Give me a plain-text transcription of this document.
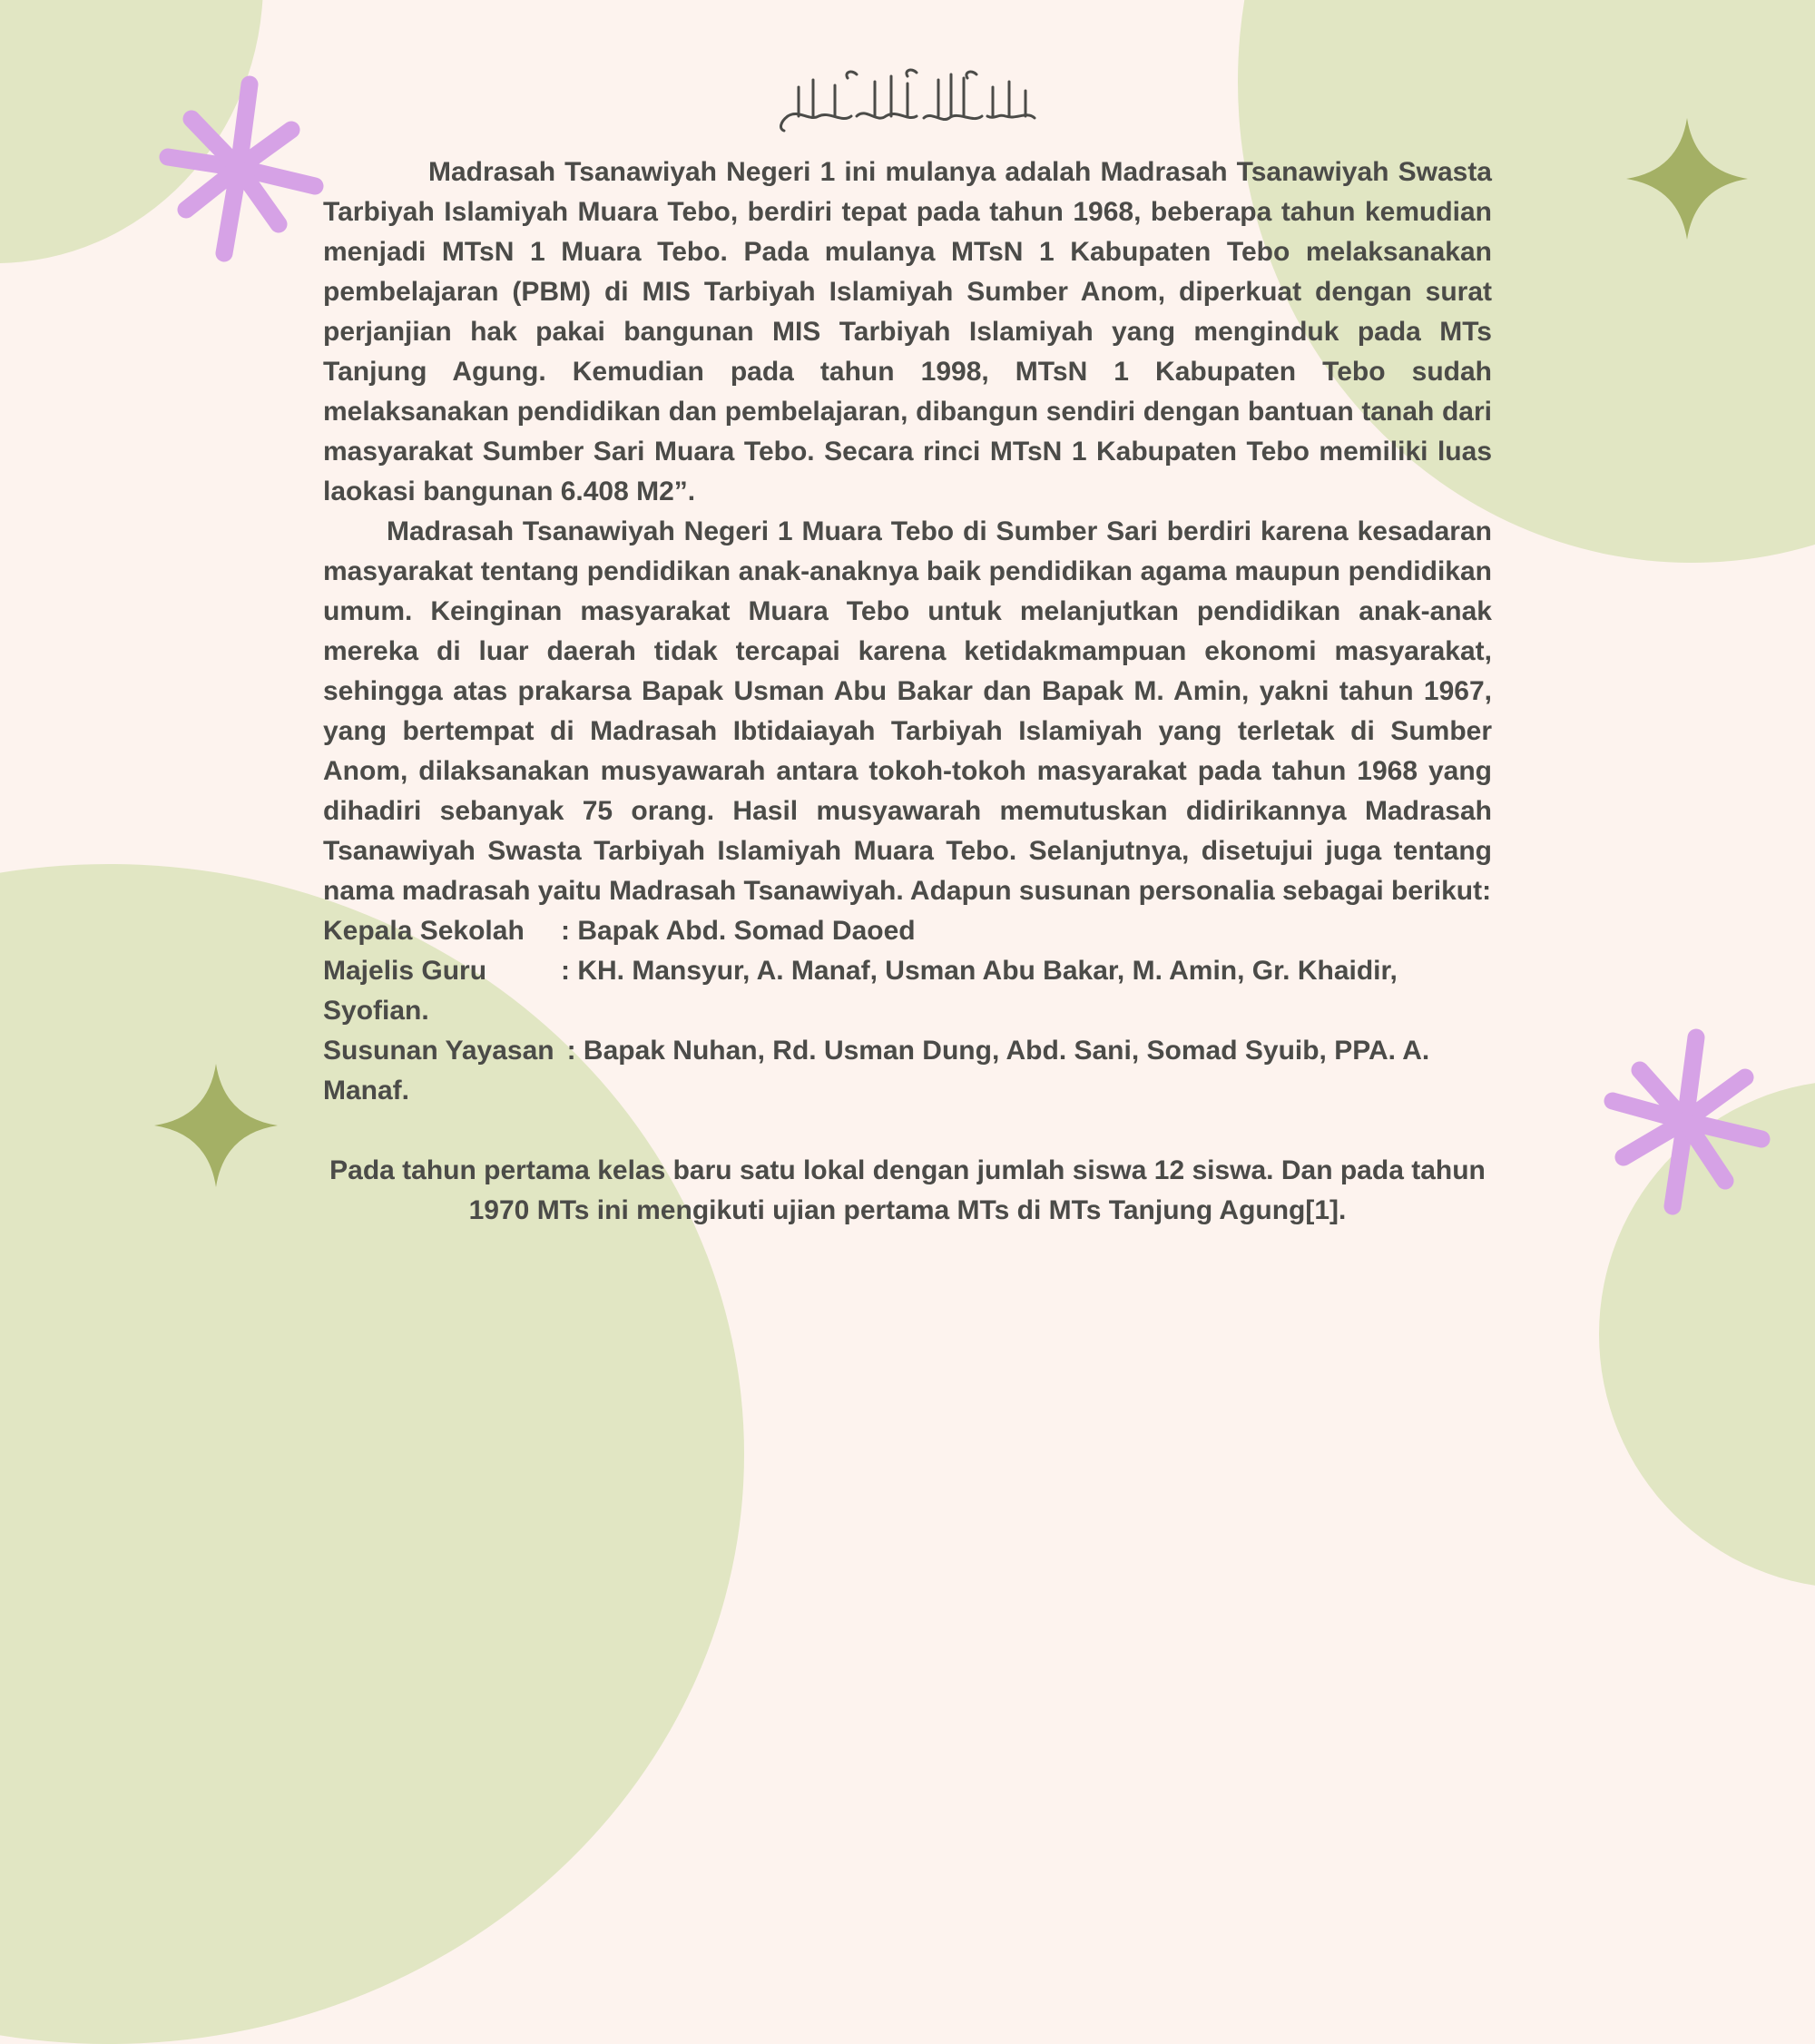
Madrasah Tsanawiyah Negeri 1 ini mulanya adalah Madrasah Tsanawiyah Swasta Tarbiyah Islamiyah Muara Tebo, berdiri tepat pada tahun 1968, beberapa tahun kemudian menjadi MTsN 1 Muara Tebo. Pada mulanya MTsN 1 Kabupaten Tebo melaksanakan pembelajaran (PBM) di MIS Tarbiyah Islamiyah Sumber Anom, diperkuat dengan surat perjanjian hak pakai bangunan MIS Tarbiyah Islamiyah yang menginduk pada MTs Tanjung Agung. Kemudian pada tahun 1998, MTsN 1 Kabupaten Tebo sudah melaksanakan pendidikan dan pembelajaran, dibangun sendiri dengan bantuan tanah dari masyarakat Sumber Sari Muara Tebo. Secara rinci MTsN 1 Kabupaten Tebo memiliki luas laokasi bangunan 6.408 M2”.

Madrasah Tsanawiyah Negeri 1 Muara Tebo di Sumber Sari berdiri karena kesadaran masyarakat tentang pendidikan anak-anaknya baik pendidikan agama maupun pendidikan umum. Keinginan masyarakat Muara Tebo untuk melanjutkan pendidikan anak-anak mereka di luar daerah tidak tercapai karena ketidakmampuan ekonomi masyarakat, sehingga atas prakarsa Bapak Usman Abu Bakar dan Bapak M. Amin, yakni tahun 1967, yang bertempat di Madrasah Ibtidaiayah Tarbiyah Islamiyah yang terletak di Sumber Anom, dilaksanakan musyawarah antara tokoh-tokoh masyarakat pada tahun 1968 yang dihadiri sebanyak 75 orang. Hasil musyawarah memutuskan didirikannya Madrasah Tsanawiyah Swasta Tarbiyah Islamiyah Muara Tebo. Selanjutnya, disetujui juga tentang nama madrasah yaitu Madrasah Tsanawiyah. Adapun susunan personalia sebagai berikut:

Kepala Sekolah : Bapak Abd. Somad Daoed
Majelis Guru	: KH. Mansyur, A. Manaf, Usman Abu Bakar, M. Amin, Gr. Khaidir, Syofian.
Susunan Yayasan : Bapak Nuhan, Rd. Usman Dung, Abd. Sani, Somad Syuib, PPA. A. Manaf.
Pada tahun pertama kelas baru satu lokal dengan jumlah siswa 12 siswa. Dan pada tahun 1970 MTs ini mengikuti ujian pertama MTs di MTs Tanjung Agung[1].
